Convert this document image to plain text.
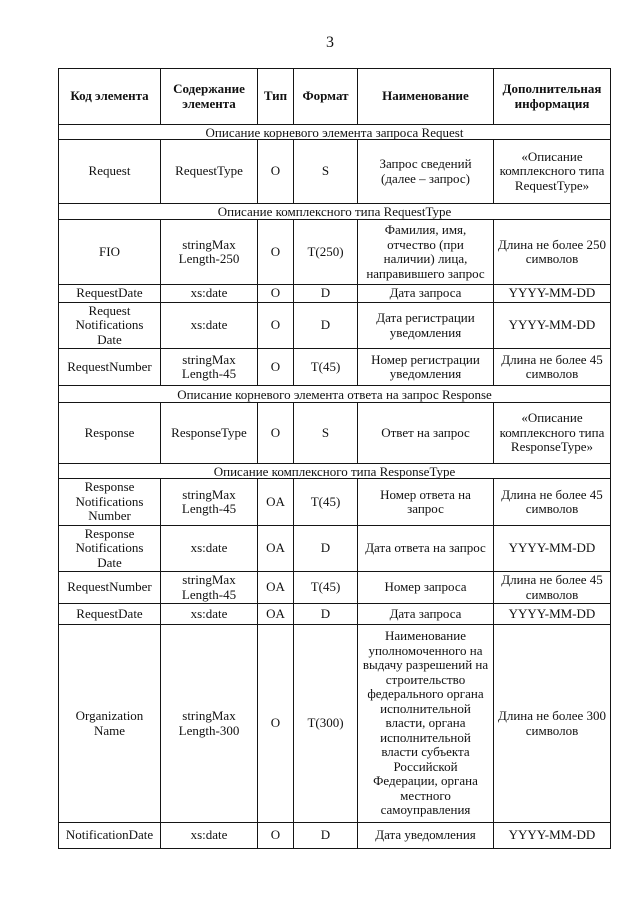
3
Код элемента	Содержание элемента	Тип	Формат	Наименование	Дополнительная информация
Описание корневого элемента запроса Request					
Request	RequestType	O	S	Запрос сведений (далее – запрос)	«Описание комплексного типа RequestType»
Описание комплексного типа RequestType					
FIO	stringMax Length-250	O	T(250)	Фамилия, имя, отчество (при наличии) лица, направившего запрос	Длина не более 250 символов
RequestDate	xs:date	O	D	Дата запроса	YYYY-MM-DD
Request Notifications Date	xs:date	O	D	Дата регистрации уведомления	YYYY-MM-DD
RequestNumber	stringMax Length-45	O	T(45)	Номер регистрации уведомления	Длина не более 45 символов
Описание корневого элемента ответа на запрос Response					
Response	ResponseType	O	S	Ответ на запрос	«Описание комплексного типа ResponseType»
Описание комплексного типа ResponseType					
Response Notifications Number	stringMax Length-45	OA	T(45)	Номер ответа на запрос	Длина не более 45 символов
Response Notifications Date	xs:date	OA	D	Дата ответа на запрос	YYYY-MM-DD
RequestNumber	stringMax Length-45	OA	T(45)	Номер запроса	Длина не более 45 символов
RequestDate	xs:date	OA	D	Дата запроса	YYYY-MM-DD
Organization Name	stringMax Length-300	O	T(300)	Наименование уполномоченного на выдачу разрешений на строительство федерального органа исполнительной власти, органа исполнительной власти субъекта Российской Федерации, органа местного самоуправления	Длина не более 300 символов
NotificationDate	xs:date	O	D	Дата уведомления	YYYY-MM-DD
